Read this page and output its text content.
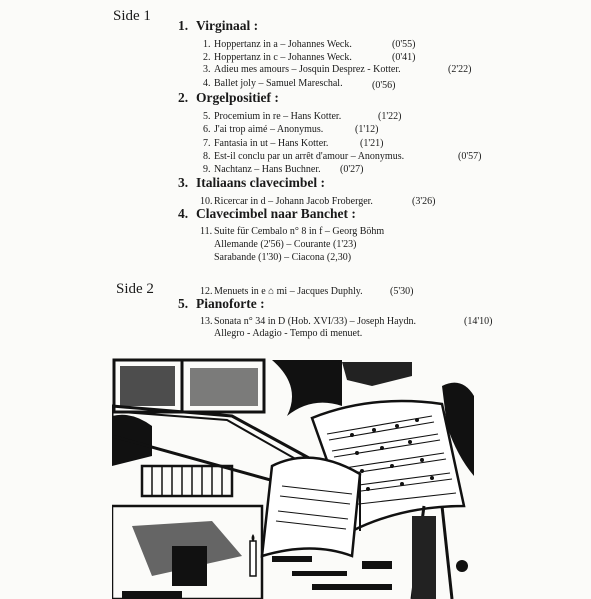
Side 1
1. Virginaal :
1. Hoppertanz in a – Johannes Weck.	(0'55)
2. Hoppertanz in c – Johannes Weck.	(0'41)
3. Adieu mes amours – Josquin Desprez - Kotter.	(2'22)
4. Ballet joly – Samuel Mareschal.	(0'56)
2. Orgelpositief :
5. Procemium in re – Hans Kotter.	(1'22)
6. J'ai trop aimé – Anonymus.	(1'12)
7. Fantasia in ut – Hans Kotter.	(1'21)
8. Est-il conclu par un arrêt d'amour – Anonymus.	(0'57)
9. Nachtanz – Hans Buchner. (0'27)
3. Italiaans clavecimbel :
10. Ricercar in d – Johann Jacob Froberger.	(3'26)
4. Clavecimbel naar Banchet :
11. Suite für Cembalo n° 8 in f – Georg Böhm
Allemande (2'56) – Courante (1'23)
Sarabande (1'30) – Ciacona (2,30)
Side 2	12. Menuets in e ⌂ mi – Jacques Duphly.	(5'30)
5. Pianoforte :
13. Sonata n° 34 in D (Hob. XVI/33) – Joseph Haydn.	(14'10)
Allegro - Adagio - Tempo di menuet.
